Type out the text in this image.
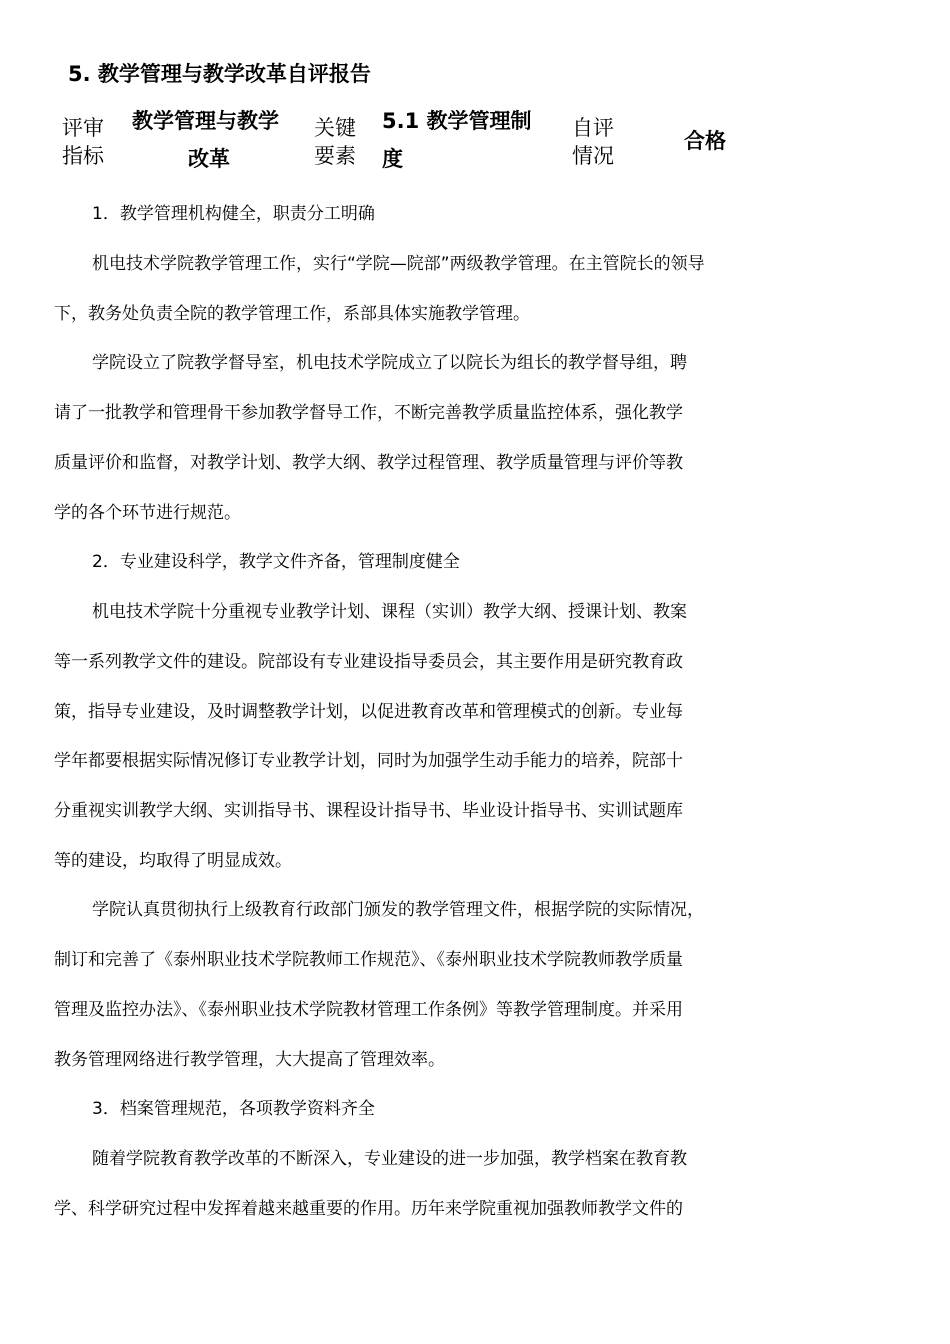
5. 教学管理与教学改革自评报告
评审
指标
教学管理与教学
改革
关键
要素
5.1 教学管理制
度
自评
情况
合格
1．教学管理机构健全，职责分工明确
机电技术学院教学管理工作，实行“学院—院部”两级教学管理。在主管院长的领导
下，教务处负责全院的教学管理工作，系部具体实施教学管理。
学院设立了院教学督导室，机电技术学院成立了以院长为组长的教学督导组，聘
请了一批教学和管理骨干参加教学督导工作，不断完善教学质量监控体系，强化教学
质量评价和监督，对教学计划、教学大纲、教学过程管理、教学质量管理与评价等教
学的各个环节进行规范。
2．专业建设科学，教学文件齐备，管理制度健全
机电技术学院十分重视专业教学计划、课程（实训）教学大纲、授课计划、教案
等一系列教学文件的建设。院部设有专业建设指导委员会，其主要作用是研究教育政
策，指导专业建设，及时调整教学计划，以促进教育改革和管理模式的创新。专业每
学年都要根据实际情况修订专业教学计划，同时为加强学生动手能力的培养，院部十
分重视实训教学大纲、实训指导书、课程设计指导书、毕业设计指导书、实训试题库
等的建设，均取得了明显成效。
学院认真贯彻执行上级教育行政部门颁发的教学管理文件，根据学院的实际情况，
制订和完善了《泰州职业技术学院教师工作规范》、《泰州职业技术学院教师教学质量
管理及监控办法》、《泰州职业技术学院教材管理工作条例》等教学管理制度。并采用
教务管理网络进行教学管理，大大提高了管理效率。
3．档案管理规范，各项教学资料齐全
随着学院教育教学改革的不断深入，专业建设的进一步加强，教学档案在教育教
学、科学研究过程中发挥着越来越重要的作用。历年来学院重视加强教师教学文件的
